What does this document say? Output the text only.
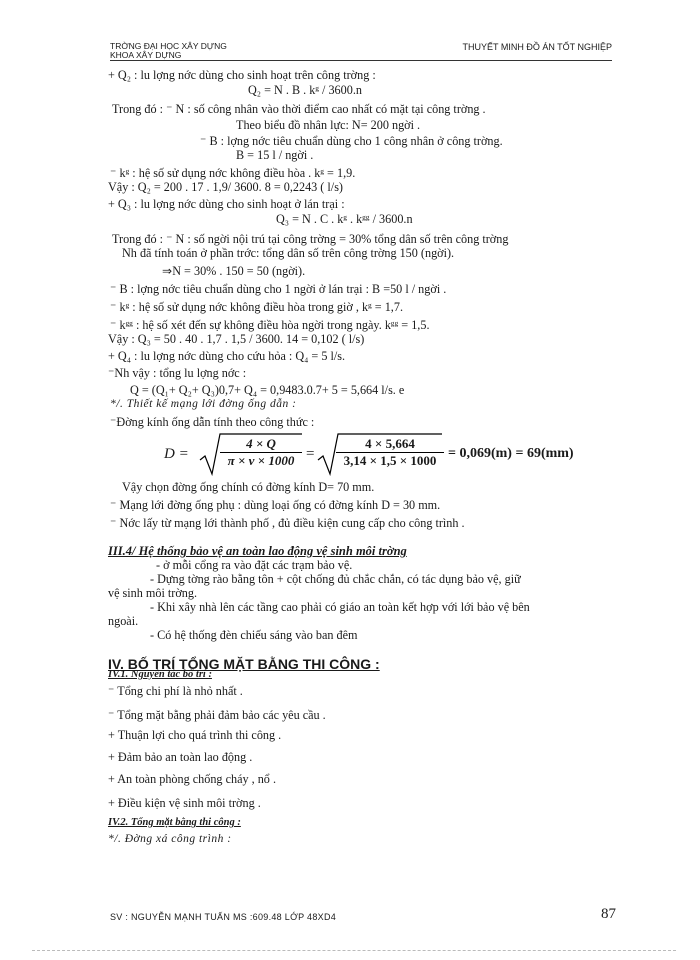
TRỜNG ĐẠI HỌC XÂY DỰNG
KHOA XÂY DỰNG
THUYẾT MINH ĐỒ ÁN TỐT NGHIỆP
+ Q₂ : lu lợng nớc dùng cho sinh hoạt trên công trờng :
Q₂ = N . B . kᵍ / 3600.n
Trong đó : ⁻ N : số công nhân vào thời điểm cao nhất có mặt tại công trờng .
Theo biểu đồ nhân lực: N= 200 ngời .
⁻ B : lợng nớc tiêu chuẩn dùng cho 1 công nhân ở công trờng.
B = 15 l / ngời .
⁻ kᵍ : hệ số sử dụng nớc không điều hòa . kᵍ = 1,9.
Vậy : Q₂ = 200 . 17 . 1,9/ 3600. 8 = 0,2243 ( l/s)
+ Q₃ : lu lợng nớc dùng cho sinh hoạt ở lán trại :
Q₃ = N . C . kᵍ . kᵍᵍ / 3600.n
Trong đó : ⁻ N : số ngời nội trú tại công trờng = 30% tổng dân số trên công trờng
Nh đã tính toán ở phần trớc: tổng dân số trên công trờng 150 (ngời).
⇒N = 30% . 150 = 50 (ngời).
⁻ B : lợng nớc tiêu chuẩn dùng cho 1 ngời ở lán trại : B =50 l / ngời .
⁻ kᵍ : hệ số sử dụng nớc không điều hòa trong giờ , kᵍ = 1,7.
⁻ kᵍᵍ : hệ số xét đến sự không điều hòa ngời trong ngày. kᵍᵍ = 1,5.
Vậy : Q₃ = 50 . 40 . 1,7 . 1,5 / 3600. 14 = 0,102 ( l/s)
+ Q₄ : lu lợng nớc dùng cho cứu hỏa : Q₄ = 5 l/s.
⁻Nh vậy : tổng lu lợng nớc :
Q = (Q₁+ Q₂+ Q₃)0,7+ Q₄ = 0,9483.0.7+ 5 = 5,664 l/s. e
*/. Thiết kế mạng lới đờng ống dẫn :
⁻Đờng kính ống dẫn tính theo công thức :
$D = \frac{4 \times Q}{\pi \times v \times 1000} = \frac{4 \times 5,664}{3,14 \times 1,5 \times 1000} = 0,069(m) = 69(mm)$
Vậy chọn đờng ống chính có đờng kính D= 70 mm.
⁻ Mạng lới đờng ống phụ : dùng loại ống có đờng kính D = 30 mm.
⁻ Nớc lấy từ mạng lới thành phố , đủ điều kiện cung cấp cho công trình .
III.4/ Hệ thống bảo vệ an toàn lao động vệ sinh môi trờng
- ở mỗi cổng ra vào đặt các trạm bảo vệ.
- Dựng tờng rào bằng tôn + cột chống đủ chắc chắn, có tác dụng bảo vệ, giữ
vệ sinh môi trờng.
- Khi xây nhà lên các tầng cao phải có giáo an toàn kết hợp với lới bảo vệ bên
ngoài.
- Có hệ thống đèn chiếu sáng vào ban đêm
IV. BỐ TRÍ TỔNG MẶT BẰNG THI CÔNG :
IV.1. Nguyên tắc bố trí :
⁻ Tổng chi phí là nhỏ nhất .
⁻ Tổng mặt bằng phải đảm bảo các yêu cầu .
+ Thuận lợi cho quá trình thi công .
+ Đảm bảo an toàn lao động .
+ An toàn phòng chống cháy , nổ .
+ Điều kiện vệ sinh môi trờng .
IV.2. Tổng mặt bằng thi công :
*/. Đờng xá công trình :
SV : NGUYỄN MẠNH TUẤN MS :609.48 LỚP 48XD4	87
